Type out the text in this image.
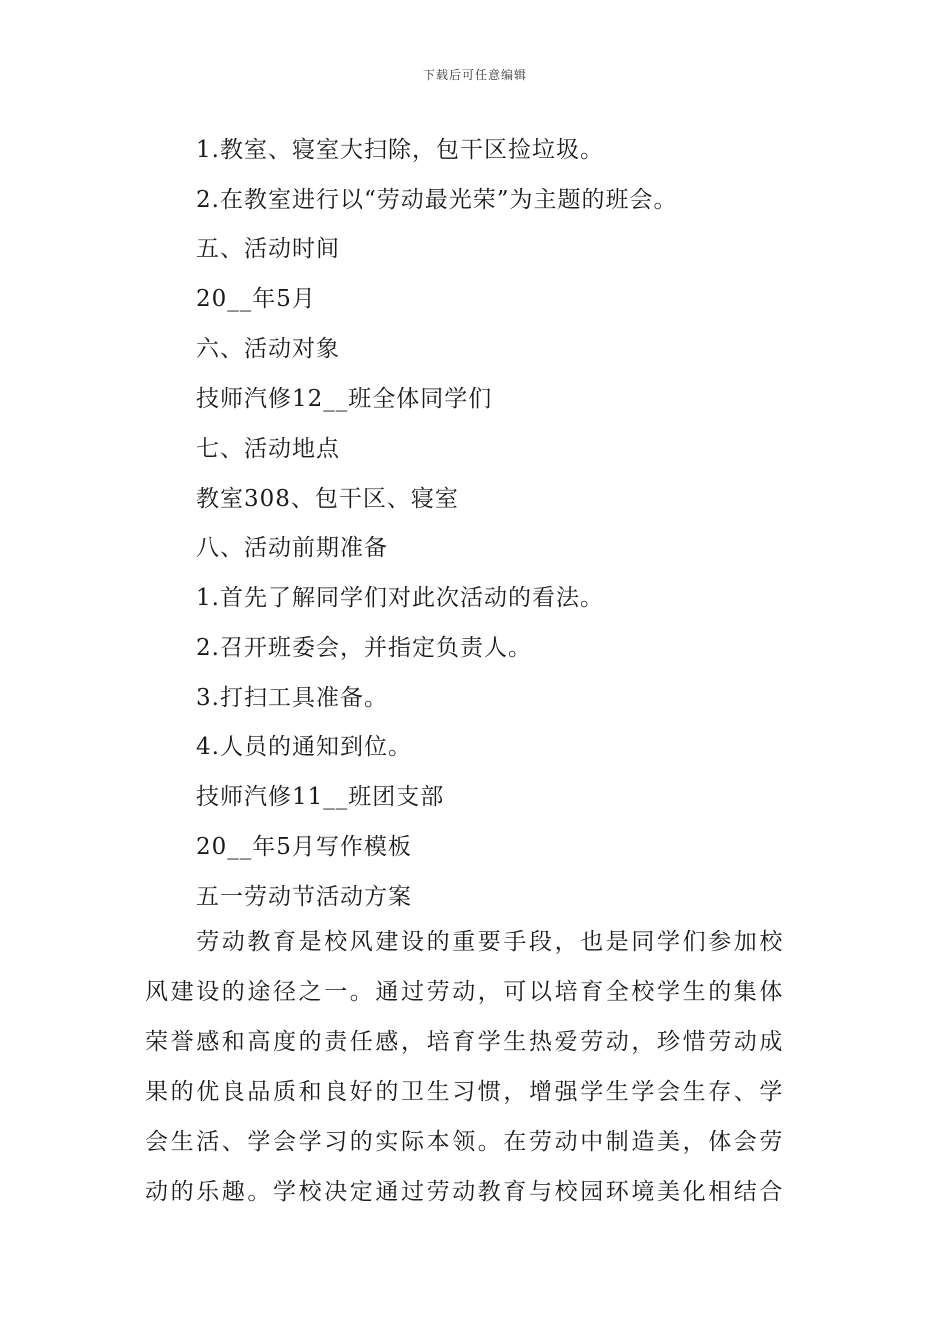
下载后可任意编辑
1.教室、寝室大扫除，包干区捡垃圾。
2.在教室进行以“劳动最光荣”为主题的班会。
五、活动时间
20__年5月
六、活动对象
技师汽修12__班全体同学们
七、活动地点
教室308、包干区、寝室
八、活动前期准备
1.首先了解同学们对此次活动的看法。
2.召开班委会，并指定负责人。
3.打扫工具准备。
4.人员的通知到位。
技师汽修11__班团支部
20__年5月写作模板
五一劳动节活动方案
　　劳动教育是校风建设的重要手段，也是同学们参加校
风建设的途径之一。通过劳动，可以培育全校学生的集体
荣誉感和高度的责任感，培育学生热爱劳动，珍惜劳动成
果的优良品质和良好的卫生习惯，增强学生学会生存、学
会生活、学会学习的实际本领。在劳动中制造美，体会劳
动的乐趣。学校决定通过劳动教育与校园环境美化相结合
